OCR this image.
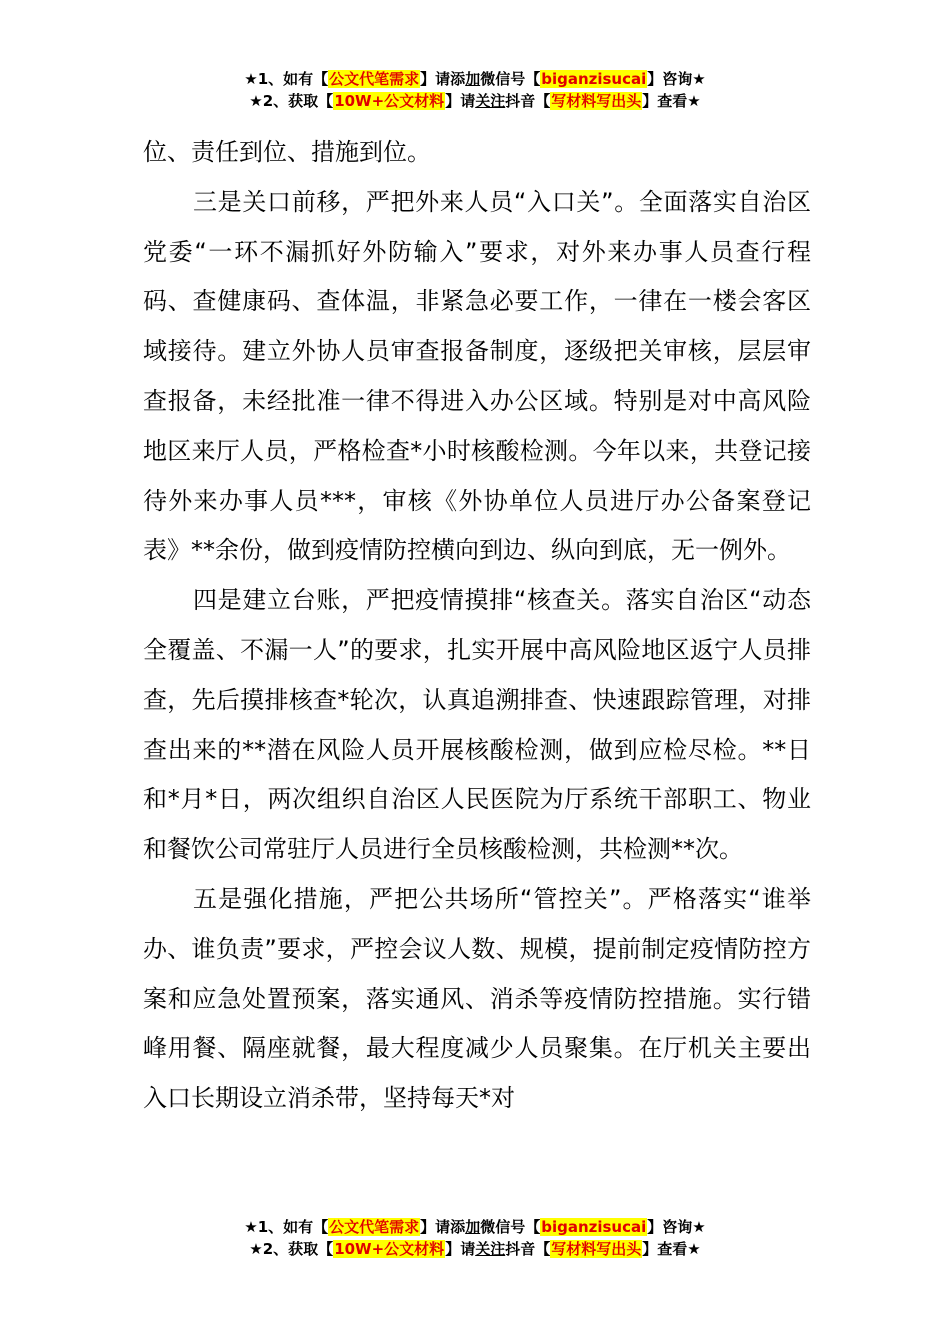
★1、如有【公文代笔需求】请添加微信号【biganzisucai】咨询★
★2、获取【10W+公文材料】请关注抖音【写材料写出头】查看★

位、责任到位、措施到位。

三是关口前移，严把外来人员“入口关”。全面落实自治区党委“一环不漏抓好外防输入”要求，对外来办事人员查行程码、查健康码、查体温，非紧急必要工作，一律在一楼会客区域接待。建立外协人员审查报备制度，逐级把关审核，层层审查报备，未经批准一律不得进入办公区域。特别是对中高风险地区来厅人员，严格检查*小时核酸检测。今年以来，共登记接待外来办事人员***，审核《外协单位人员进厅办公备案登记表》**余份，做到疫情防控横向到边、纵向到底，无一例外。

四是建立台账，严把疫情摸排“核查关。落实自治区“动态全覆盖、不漏一人”的要求，扎实开展中高风险地区返宁人员排查，先后摸排核查*轮次，认真追溯排查、快速跟踪管理，对排查出来的**潜在风险人员开展核酸检测，做到应检尽检。**日和*月*日，两次组织自治区人民医院为厅系统干部职工、物业和餐饮公司常驻厅人员进行全员核酸检测，共检测**次。

五是强化措施，严把公共场所“管控关”。严格落实“谁举办、谁负责”要求，严控会议人数、规模，提前制定疫情防控方案和应急处置预案，落实通风、消杀等疫情防控措施。实行错峰用餐、隔座就餐，最大程度减少人员聚集。在厅机关主要出入口长期设立消杀带，坚持每天*对

★1、如有【公文代笔需求】请添加微信号【biganzisucai】咨询★
★2、获取【10W+公文材料】请关注抖音【写材料写出头】查看★
